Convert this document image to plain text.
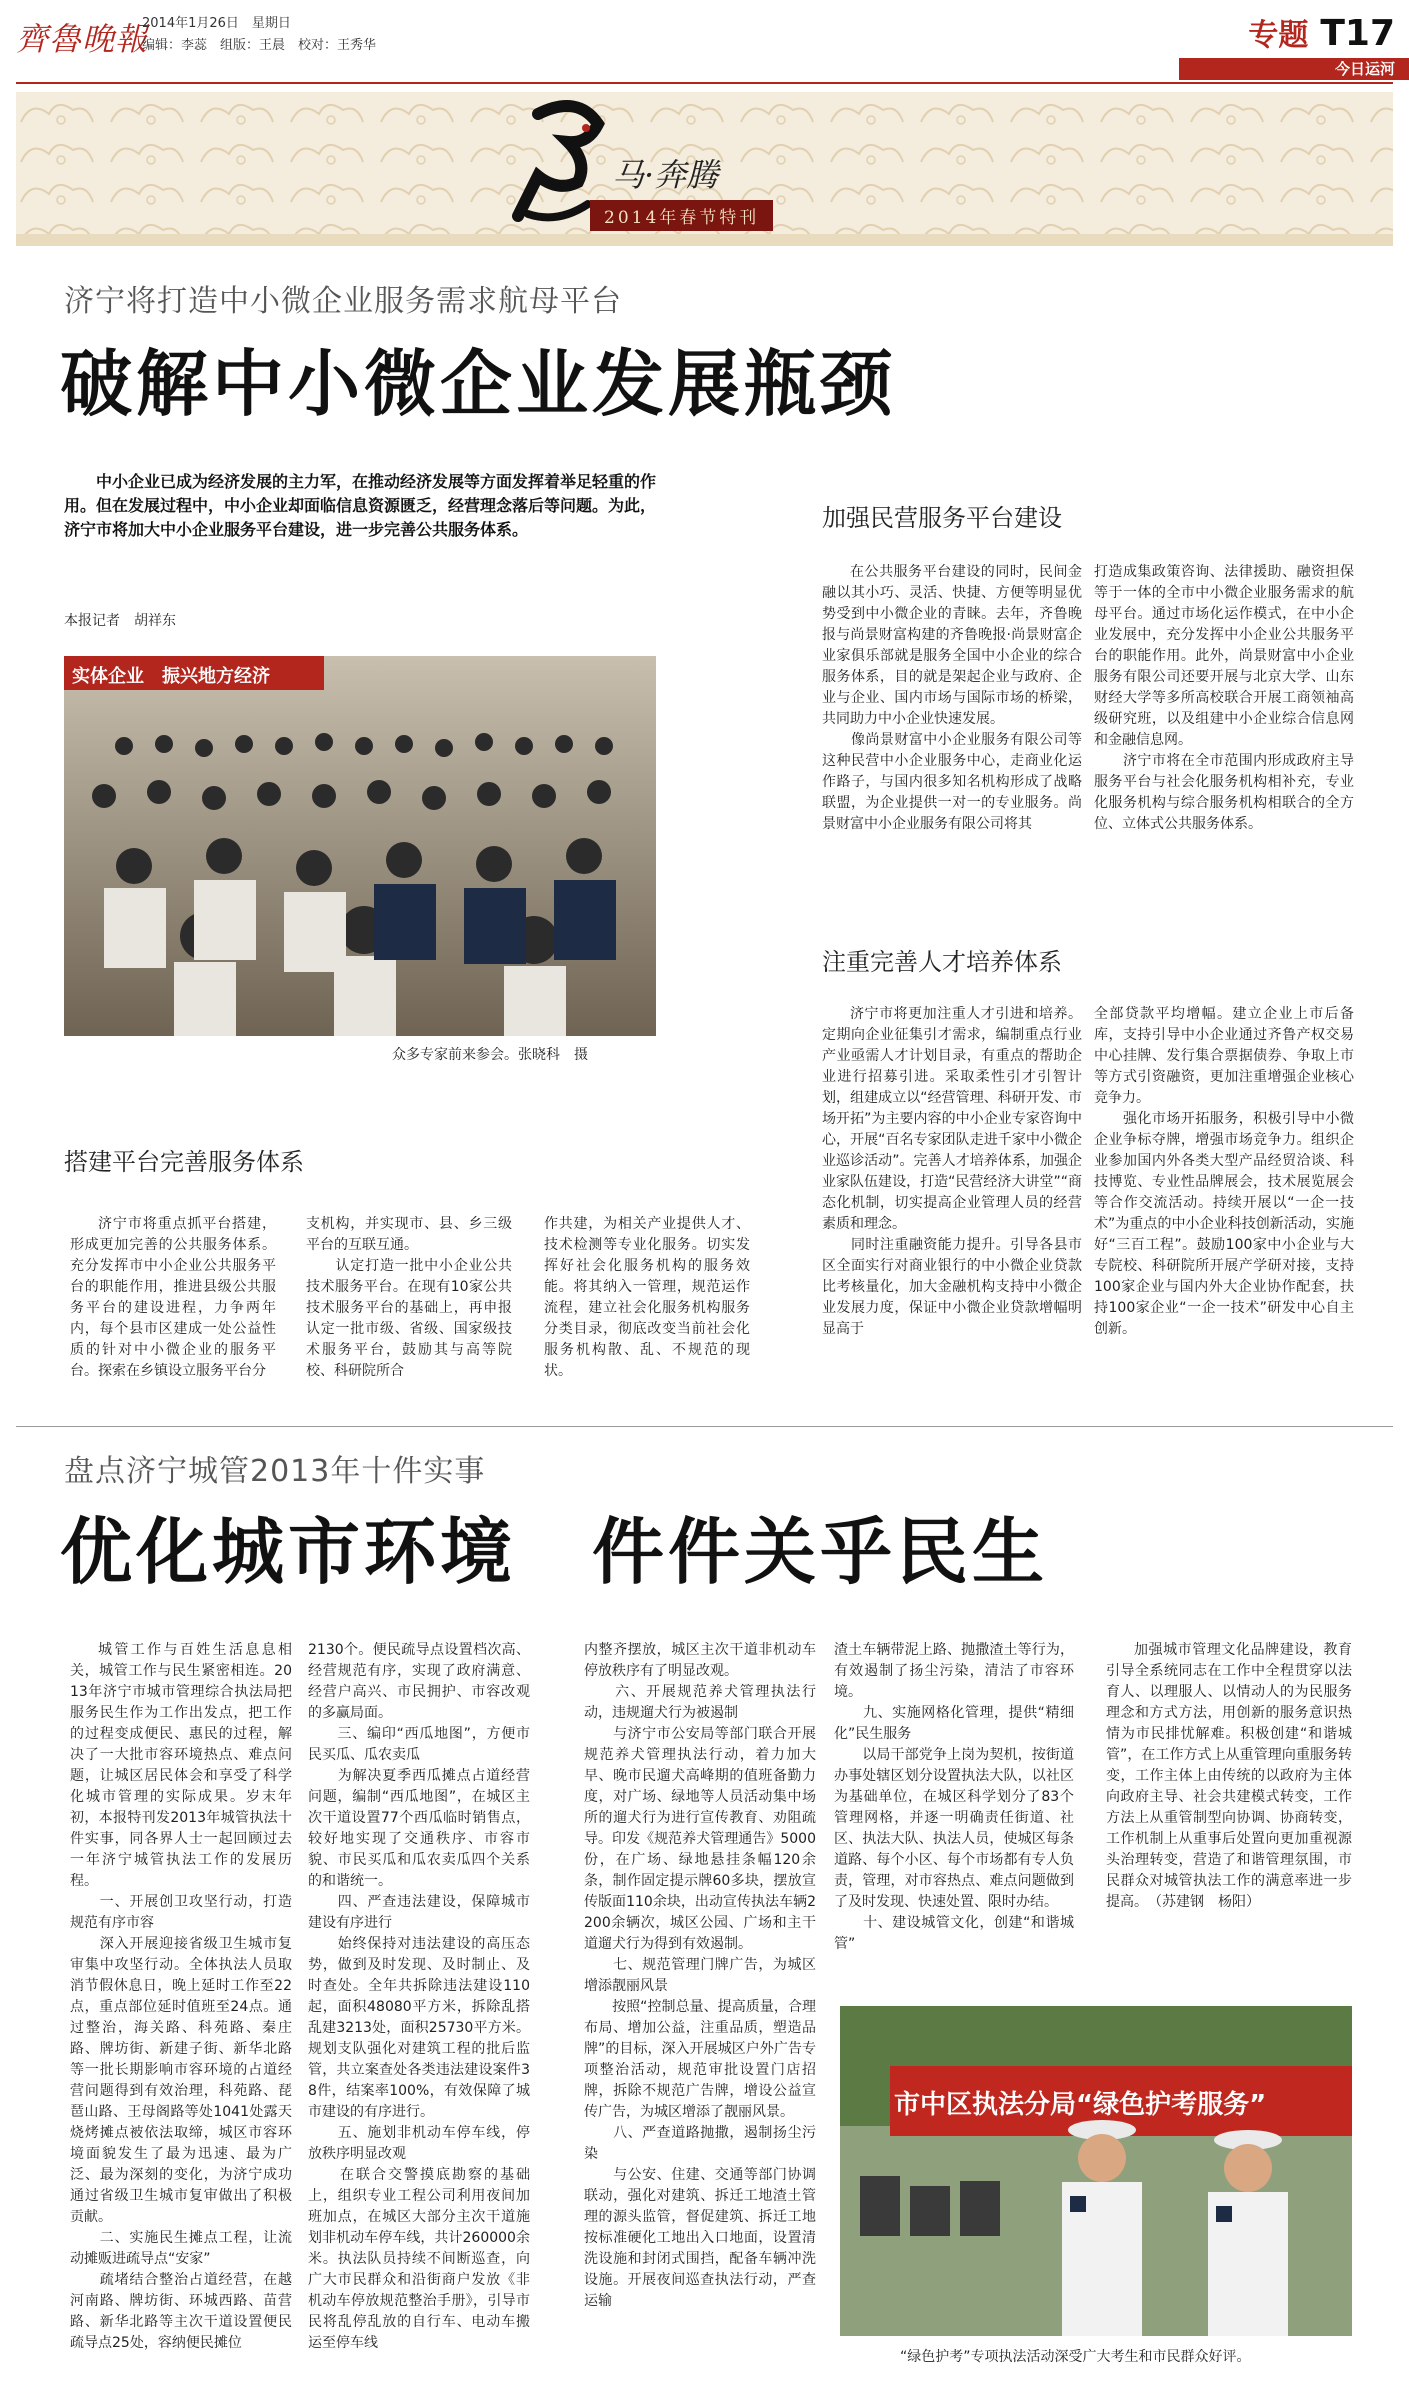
齊魯晚報
2014年1月26日　星期日
编辑：李蕊　组版：王晨　校对：王秀华	专题 T17
今日运河
马·奔腾
2014年春节特刊
济宁将打造中小微企业服务需求航母平台
破解中小微企业发展瓶颈
中小企业已成为经济发展的主力军，在推动经济发展等方面发挥着举足轻重的作用。但在发展过程中，中小企业却面临信息资源匮乏，经营理念落后等问题。为此，济宁市将加大中小企业服务平台建设，进一步完善公共服务体系。
本报记者　胡祥东
实体企业　振兴地方经济
众多专家前来参会。张晓科　摄
加强民营服务平台建设
在公共服务平台建设的同时，民间金融以其小巧、灵活、快捷、方便等明显优势受到中小微企业的青睐。去年，齐鲁晚报与尚景财富构建的齐鲁晚报·尚景财富企业家俱乐部就是服务全国中小企业的综合服务体系，目的就是架起企业与政府、企业与企业、国内市场与国际市场的桥梁，共同助力中小企业快速发展。
　　像尚景财富中小企业服务有限公司等这种民营中小企业服务中心，走商业化运作路子，与国内很多知名机构形成了战略联盟，为企业提供一对一的专业服务。尚景财富中小企业服务有限公司将其
打造成集政策咨询、法律援助、融资担保等于一体的全市中小微企业服务需求的航母平台。通过市场化运作模式，在中小企业发展中，充分发挥中小企业公共服务平台的职能作用。此外，尚景财富中小企业服务有限公司还要开展与北京大学、山东财经大学等多所高校联合开展工商领袖高级研究班，以及组建中小企业综合信息网和金融信息网。
　　济宁市将在全市范围内形成政府主导服务平台与社会化服务机构相补充，专业化服务机构与综合服务机构相联合的全方位、立体式公共服务体系。
注重完善人才培养体系
济宁市将更加注重人才引进和培养。定期向企业征集引才需求，编制重点行业产业亟需人才计划目录，有重点的帮助企业进行招募引进。采取柔性引才引智计划，组建成立以“经营管理、科研开发、市场开拓”为主要内容的中小企业专家咨询中心，开展“百名专家团队走进千家中小微企业巡诊活动”。完善人才培养体系，加强企业家队伍建设，打造“民营经济大讲堂”“商态化机制，切实提高企业管理人员的经营素质和理念。
　　同时注重融资能力提升。引导各县市区全面实行对商业银行的中小微企业贷款比考核量化，加大金融机构支持中小微企业发展力度，保证中小微企业贷款增幅明显高于
全部贷款平均增幅。建立企业上市后备库，支持引导中小企业通过齐鲁产权交易中心挂牌、发行集合票据债券、争取上市等方式引资融资，更加注重增强企业核心竞争力。
　　强化市场开拓服务，积极引导中小微企业争标夺牌，增强市场竞争力。组织企业参加国内外各类大型产品经贸洽谈、科技博览、专业性品牌展会，技术展览展会等合作交流活动。持续开展以“一企一技术”为重点的中小企业科技创新活动，实施好“三百工程”。鼓励100家中小企业与大专院校、科研院所开展产学研对接，支持100家企业与国内外大企业协作配套，扶持100家企业“一企一技术”研发中心自主创新。
搭建平台完善服务体系
济宁市将重点抓平台搭建，形成更加完善的公共服务体系。充分发挥市中小企业公共服务平台的职能作用，推进县级公共服务平台的建设进程，力争两年内，每个县市区建成一处公益性质的针对中小微企业的服务平台。探索在乡镇设立服务平台分
支机构，并实现市、县、乡三级平台的互联互通。
　　认定打造一批中小企业公共技术服务平台。在现有10家公共技术服务平台的基础上，再申报认定一批市级、省级、国家级技术服务平台，鼓励其与高等院校、科研院所合
作共建，为相关产业提供人才、技术检测等专业化服务。切实发挥好社会化服务机构的服务效能。将其纳入一管理，规范运作流程，建立社会化服务机构服务分类目录，彻底改变当前社会化服务机构散、乱、不规范的现状。
盘点济宁城管2013年十件实事
优化城市环境　件件关乎民生
城管工作与百姓生活息息相关，城管工作与民生紧密相连。2013年济宁市城市管理综合执法局把服务民生作为工作出发点，把工作的过程变成便民、惠民的过程，解决了一大批市容环境热点、难点问题，让城区居民体会和享受了科学化城市管理的实际成果。岁末年初，本报特刊发2013年城管执法十件实事，同各界人士一起回顾过去一年济宁城管执法工作的发展历程。
　　一、开展创卫攻坚行动，打造规范有序市容
　　深入开展迎接省级卫生城市复审集中攻坚行动。全体执法人员取消节假休息日，晚上延时工作至22点，重点部位延时值班至24点。通过整治，海关路、科苑路、秦庄路、牌坊街、新建子街、新华北路等一批长期影响市容环境的占道经营问题得到有效治理，科苑路、琵琶山路、王母阁路等处1041处露天烧烤摊点被依法取缔，城区市容环境面貌发生了最为迅速、最为广泛、最为深刻的变化，为济宁成功通过省级卫生城市复审做出了积极贡献。
　　二、实施民生摊点工程，让流动摊贩进疏导点“安家”
　　疏堵结合整治占道经营，在越河南路、牌坊街、环城西路、苗营路、新华北路等主次干道设置便民疏导点25处，容纳便民摊位
2130个。便民疏导点设置档次高、经营规范有序，实现了政府满意、经营户高兴、市民拥护、市容改观的多赢局面。
　　三、编印“西瓜地图”，方便市民买瓜、瓜农卖瓜
　　为解决夏季西瓜摊点占道经营问题，编制“西瓜地图”，在城区主次干道设置77个西瓜临时销售点，较好地实现了交通秩序、市容市貌、市民买瓜和瓜农卖瓜四个关系的和谐统一。
　　四、严查违法建设，保障城市建设有序进行
　　始终保持对违法建设的高压态势，做到及时发现、及时制止、及时查处。全年共拆除违法建设110起，面积48080平方米，拆除乱搭乱建3213处，面积25730平方米。规划支队强化对建筑工程的批后监管，共立案查处各类违法建设案件38件，结案率100%，有效保障了城市建设的有序进行。
　　五、施划非机动车停车线，停放秩序明显改观
　　在联合交警摸底勘察的基础上，组织专业工程公司利用夜间加班加点，在城区大部分主次干道施划非机动车停车线，共计260000余米。执法队员持续不间断巡查，向广大市民群众和沿街商户发放《非机动车停放规范整治手册》，引导市民将乱停乱放的自行车、电动车搬运至停车线
内整齐摆放，城区主次干道非机动车停放秩序有了明显改观。
　　六、开展规范养犬管理执法行动，违规遛犬行为被遏制
　　与济宁市公安局等部门联合开展规范养犬管理执法行动，着力加大早、晚市民遛犬高峰期的值班备勤力度，对广场、绿地等人员活动集中场所的遛犬行为进行宣传教育、劝阻疏导。印发《规范养犬管理通告》5000份，在广场、绿地悬挂条幅120余条，制作固定提示牌60多块，摆放宣传版面110余块，出动宣传执法车辆2200余辆次，城区公园、广场和主干道遛犬行为得到有效遏制。
　　七、规范管理门牌广告，为城区增添靓丽风景
　　按照“控制总量、提高质量，合理布局、增加公益，注重品质，塑造品牌”的目标，深入开展城区户外广告专项整治活动，规范审批设置门店招牌，拆除不规范广告牌，增设公益宣传广告，为城区增添了靓丽风景。
　　八、严查道路抛撒，遏制扬尘污染
　　与公安、住建、交通等部门协调联动，强化对建筑、拆迁工地渣土管理的源头监管，督促建筑、拆迁工地按标准硬化工地出入口地面，设置清洗设施和封闭式围挡，配备车辆冲洗设施。开展夜间巡查执法行动，严查运输
渣土车辆带泥上路、抛撒渣土等行为，有效遏制了扬尘污染，清洁了市容环境。
　　九、实施网格化管理，提供“精细化”民生服务
　　以局干部党争上岗为契机，按街道办事处辖区划分设置执法大队，以社区为基础单位，在城区科学划分了83个管理网格，并逐一明确责任街道、社区、执法大队、执法人员，使城区每条道路、每个小区、每个市场都有专人负责，管理，对市容热点、难点问题做到了及时发现、快速处置、限时办结。
　　十、建设城管文化，创建“和谐城管”
加强城市管理文化品牌建设，教育引导全系统同志在工作中全程贯穿以法育人、以理服人、以情动人的为民服务理念和方式方法，用创新的服务意识热情为市民排忧解难。积极创建“和谐城管”，在工作方式上从重管理向重服务转变，工作主体上由传统的以政府为主体向政府主导、社会共建模式转变，工作方法上从重管制型向协调、协商转变，工作机制上从重事后处置向更加重视源头治理转变，营造了和谐管理氛围，市民群众对城管执法工作的满意率进一步提高。　（苏建钢　杨阳）
市中区执法分局“绿色护考服务”
“绿色护考”专项执法活动深受广大考生和市民群众好评。
